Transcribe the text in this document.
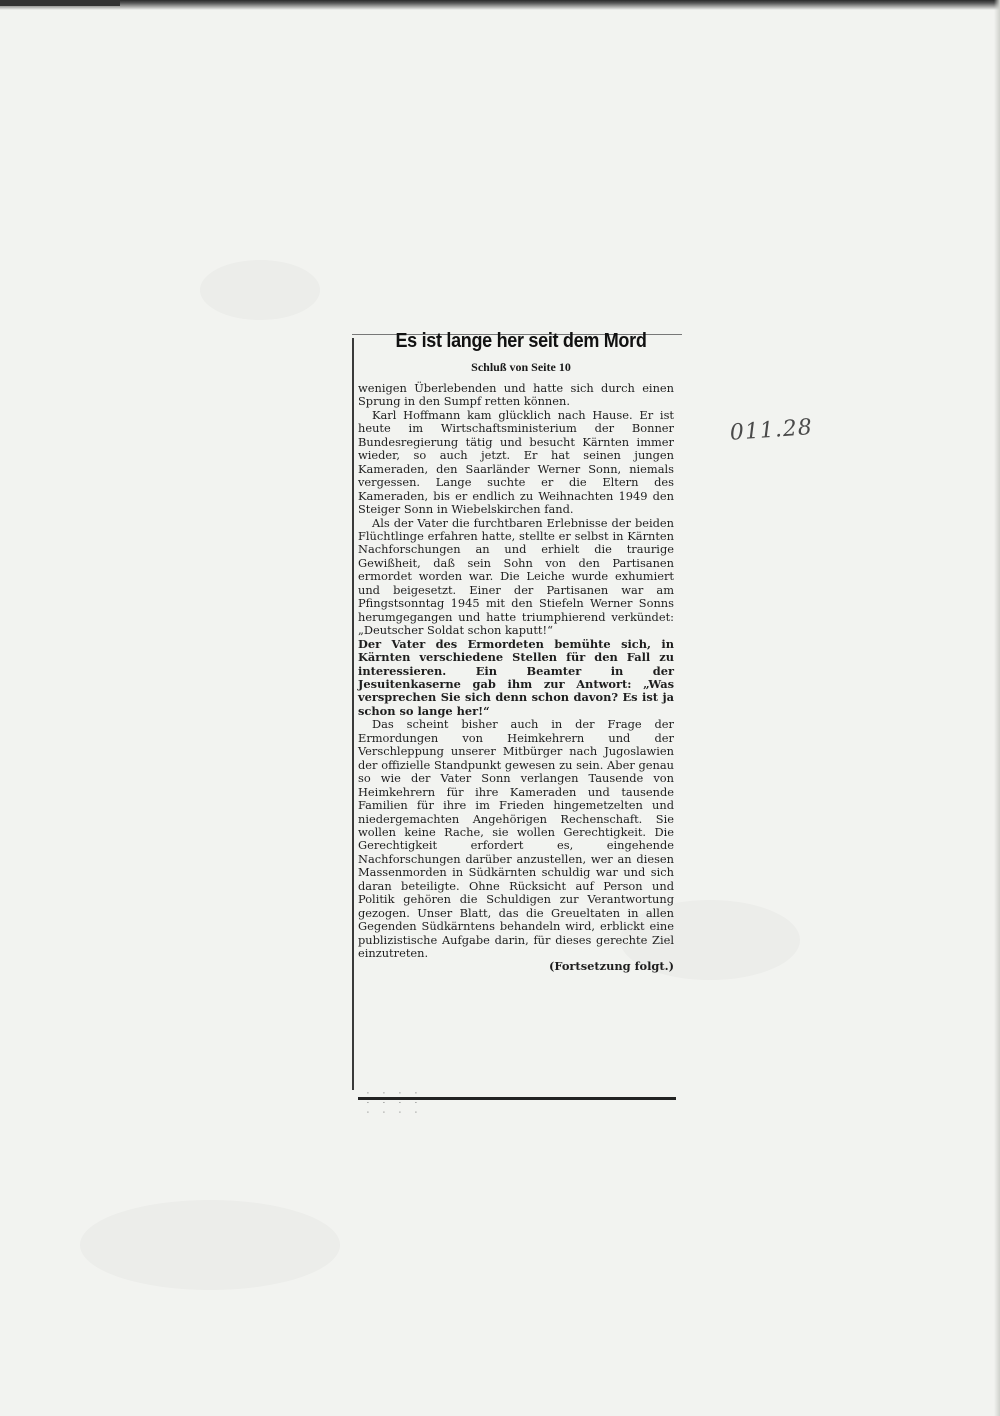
011.28
Es ist lange her seit dem Mord
Schluß von Seite 10

wenigen Überlebenden und hatte sich durch einen Sprung in den Sumpf retten können.

Karl Hoffmann kam glücklich nach Hause. Er ist heute im Wirtschaftsministerium der Bonner Bundesregierung tätig und besucht Kärnten immer wieder, so auch jetzt. Er hat seinen jungen Kameraden, den Saarländer Werner Sonn, niemals vergessen. Lange suchte er die Eltern des Kameraden, bis er endlich zu Weihnachten 1949 den Steiger Sonn in Wiebelskirchen fand.

Als der Vater die furchtbaren Erlebnisse der beiden Flüchtlinge erfahren hatte, stellte er selbst in Kärnten Nachforschungen an und erhielt die traurige Gewißheit, daß sein Sohn von den Partisanen ermordet worden war. Die Leiche wurde exhumiert und beigesetzt. Einer der Partisanen war am Pfingstsonntag 1945 mit den Stiefeln Werner Sonns herumgegangen und hatte triumphierend verkündet: „Deutscher Soldat schon kaputt!“

Der Vater des Ermordeten bemühte sich, in Kärnten verschiedene Stellen für den Fall zu interessieren. Ein Beamter in der Jesuitenkaserne gab ihm zur Antwort: „Was versprechen Sie sich denn schon davon? Es ist ja schon so lange her!“

Das scheint bisher auch in der Frage der Ermordungen von Heimkehrern und der Verschleppung unserer Mitbürger nach Jugoslawien der offizielle Standpunkt gewesen zu sein. Aber genau so wie der Vater Sonn verlangen Tausende von Heimkehrern für ihre Kameraden und tausende Familien für ihre im Frieden hingemetzelten und niedergemachten Angehörigen Rechenschaft. Sie wollen keine Rache, sie wollen Gerechtigkeit. Die Gerechtigkeit erfordert es, eingehende Nachforschungen darüber anzustellen, wer an diesen Massenmorden in Südkärnten schuldig war und sich daran beteiligte. Ohne Rücksicht auf Person und Politik gehören die Schuldigen zur Verantwortung gezogen. Unser Blatt, das die Greueltaten in allen Gegenden Südkärntens behandeln wird, erblickt eine publizistische Aufgabe darin, für dieses gerechte Ziel einzutreten.

(Fortsetzung folgt.)

· · · · · · · · · · · ·
